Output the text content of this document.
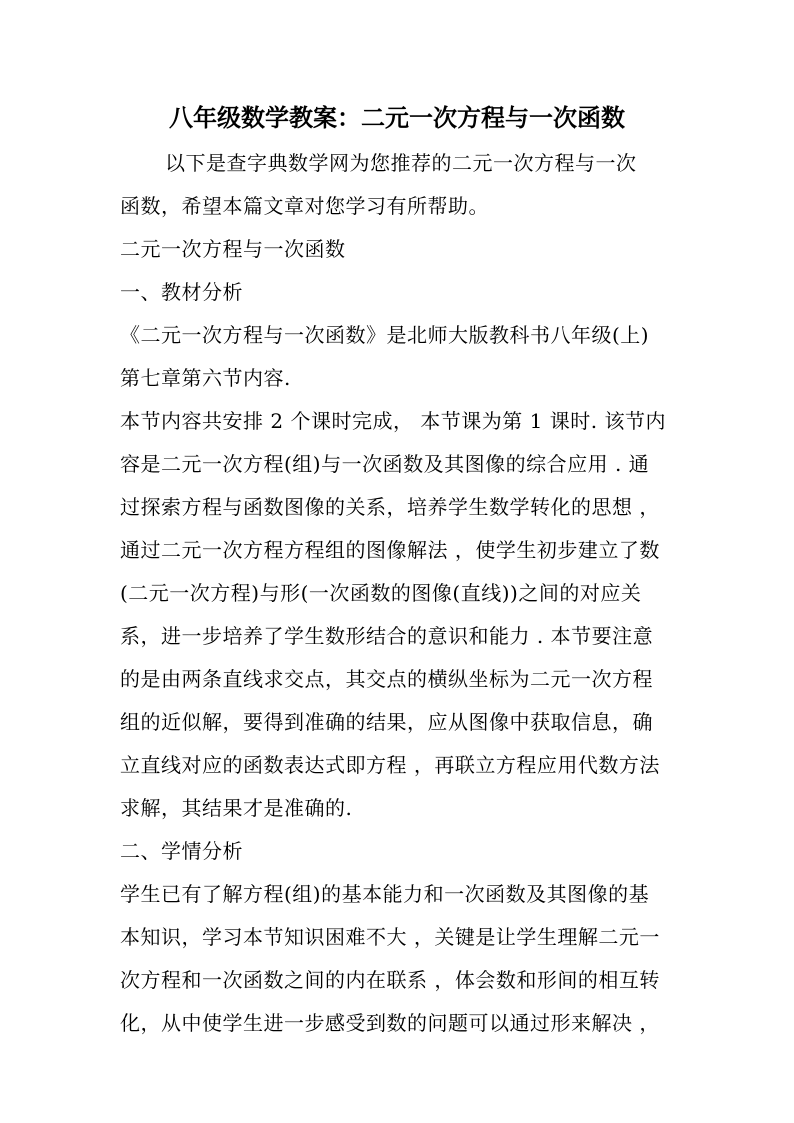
八年级数学教案：二元一次方程与一次函数
以下是查字典数学网为您推荐的二元一次方程与一次
函数，希望本篇文章对您学习有所帮助。
二元一次方程与一次函数
一、教材分析
《二元一次方程与一次函数》是北师大版教科书八年级(上)
第七章第六节内容.
本节内容共安排 2 个课时完成， 本节课为第 1 课时. 该节内
容是二元一次方程(组)与一次函数及其图像的综合应用 . 通
过探索方程与函数图像的关系，培养学生数学转化的思想 ，
通过二元一次方程方程组的图像解法 ，使学生初步建立了数
(二元一次方程)与形(一次函数的图像(直线))之间的对应关
系，进一步培养了学生数形结合的意识和能力 . 本节要注意
的是由两条直线求交点，其交点的横纵坐标为二元一次方程
组的近似解，要得到准确的结果，应从图像中获取信息，确
立直线对应的函数表达式即方程 ，再联立方程应用代数方法
求解，其结果才是准确的.
二、学情分析
学生已有了解方程(组)的基本能力和一次函数及其图像的基
本知识，学习本节知识困难不大 ，关键是让学生理解二元一
次方程和一次函数之间的内在联系 ，体会数和形间的相互转
化，从中使学生进一步感受到数的问题可以通过形来解决 ，
